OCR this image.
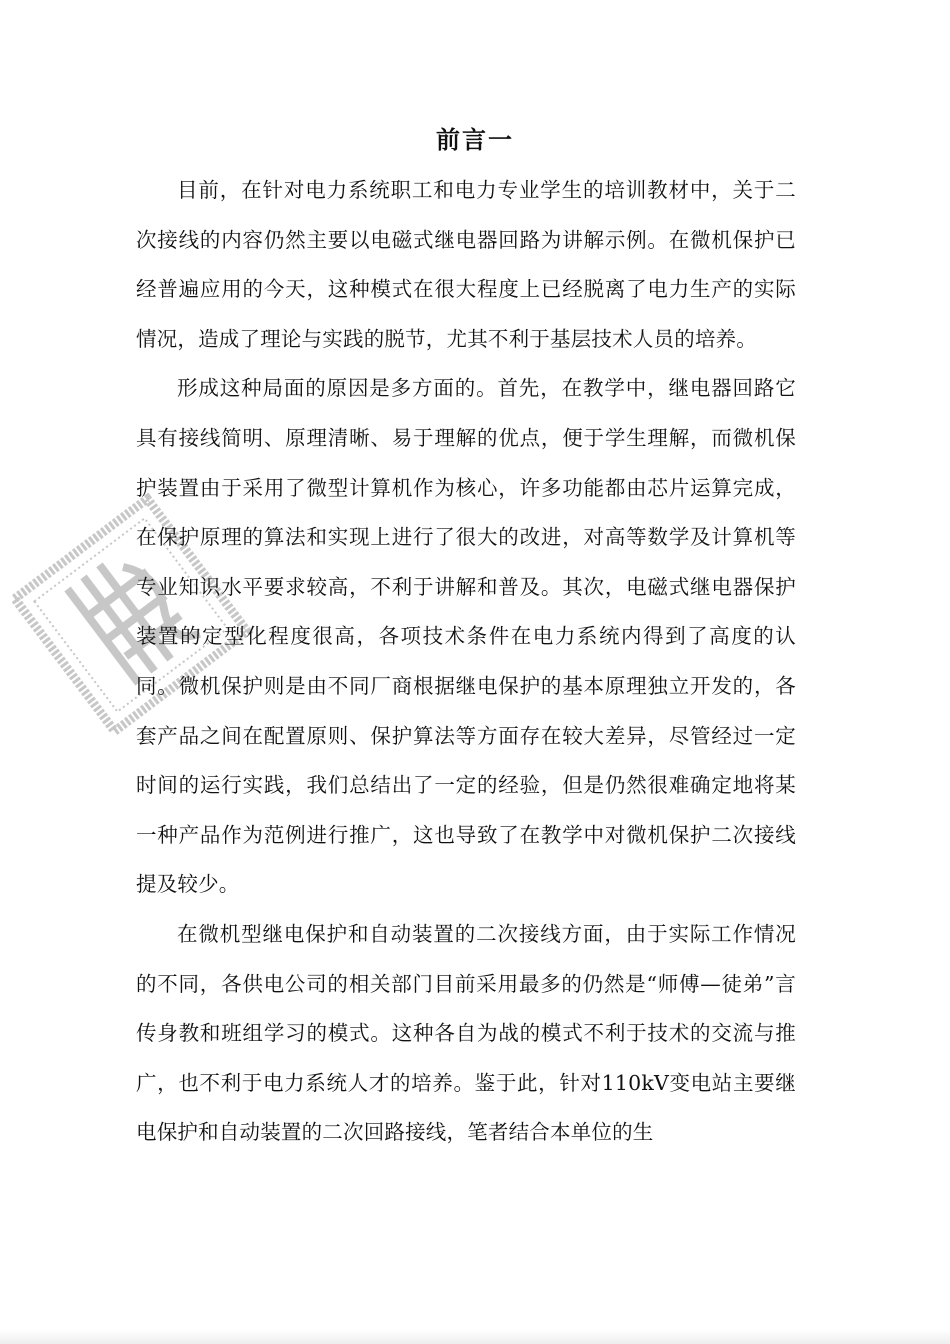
前言一

目前，在针对电力系统职工和电力专业学生的培训教材中，关于二次接线的内容仍然主要以电磁式继电器回路为讲解示例。在微机保护已经普遍应用的今天，这种模式在很大程度上已经脱离了电力生产的实际情况，造成了理论与实践的脱节，尤其不利于基层技术人员的培养。

形成这种局面的原因是多方面的。首先，在教学中，继电器回路它具有接线简明、原理清晰、易于理解的优点，便于学生理解，而微机保护装置由于采用了微型计算机作为核心，许多功能都由芯片运算完成，在保护原理的算法和实现上进行了很大的改进，对高等数学及计算机等专业知识水平要求较高，不利于讲解和普及。其次，电磁式继电器保护装置的定型化程度很高，各项技术条件在电力系统内得到了高度的认同。微机保护则是由不同厂商根据继电保护的基本原理独立开发的，各套产品之间在配置原则、保护算法等方面存在较大差异，尽管经过一定时间的运行实践，我们总结出了一定的经验，但是仍然很难确定地将某一种产品作为范例进行推广，这也导致了在教学中对微机保护二次接线提及较少。

在微机型继电保护和自动装置的二次接线方面，由于实际工作情况的不同，各供电公司的相关部门目前采用最多的仍然是“师傅—徒弟”言传身教和班组学习的模式。这种各自为战的模式不利于技术的交流与推广，也不利于电力系统人才的培养。鉴于此，针对110kV变电站主要继电保护和自动装置的二次回路接线，笔者结合本单位的生
